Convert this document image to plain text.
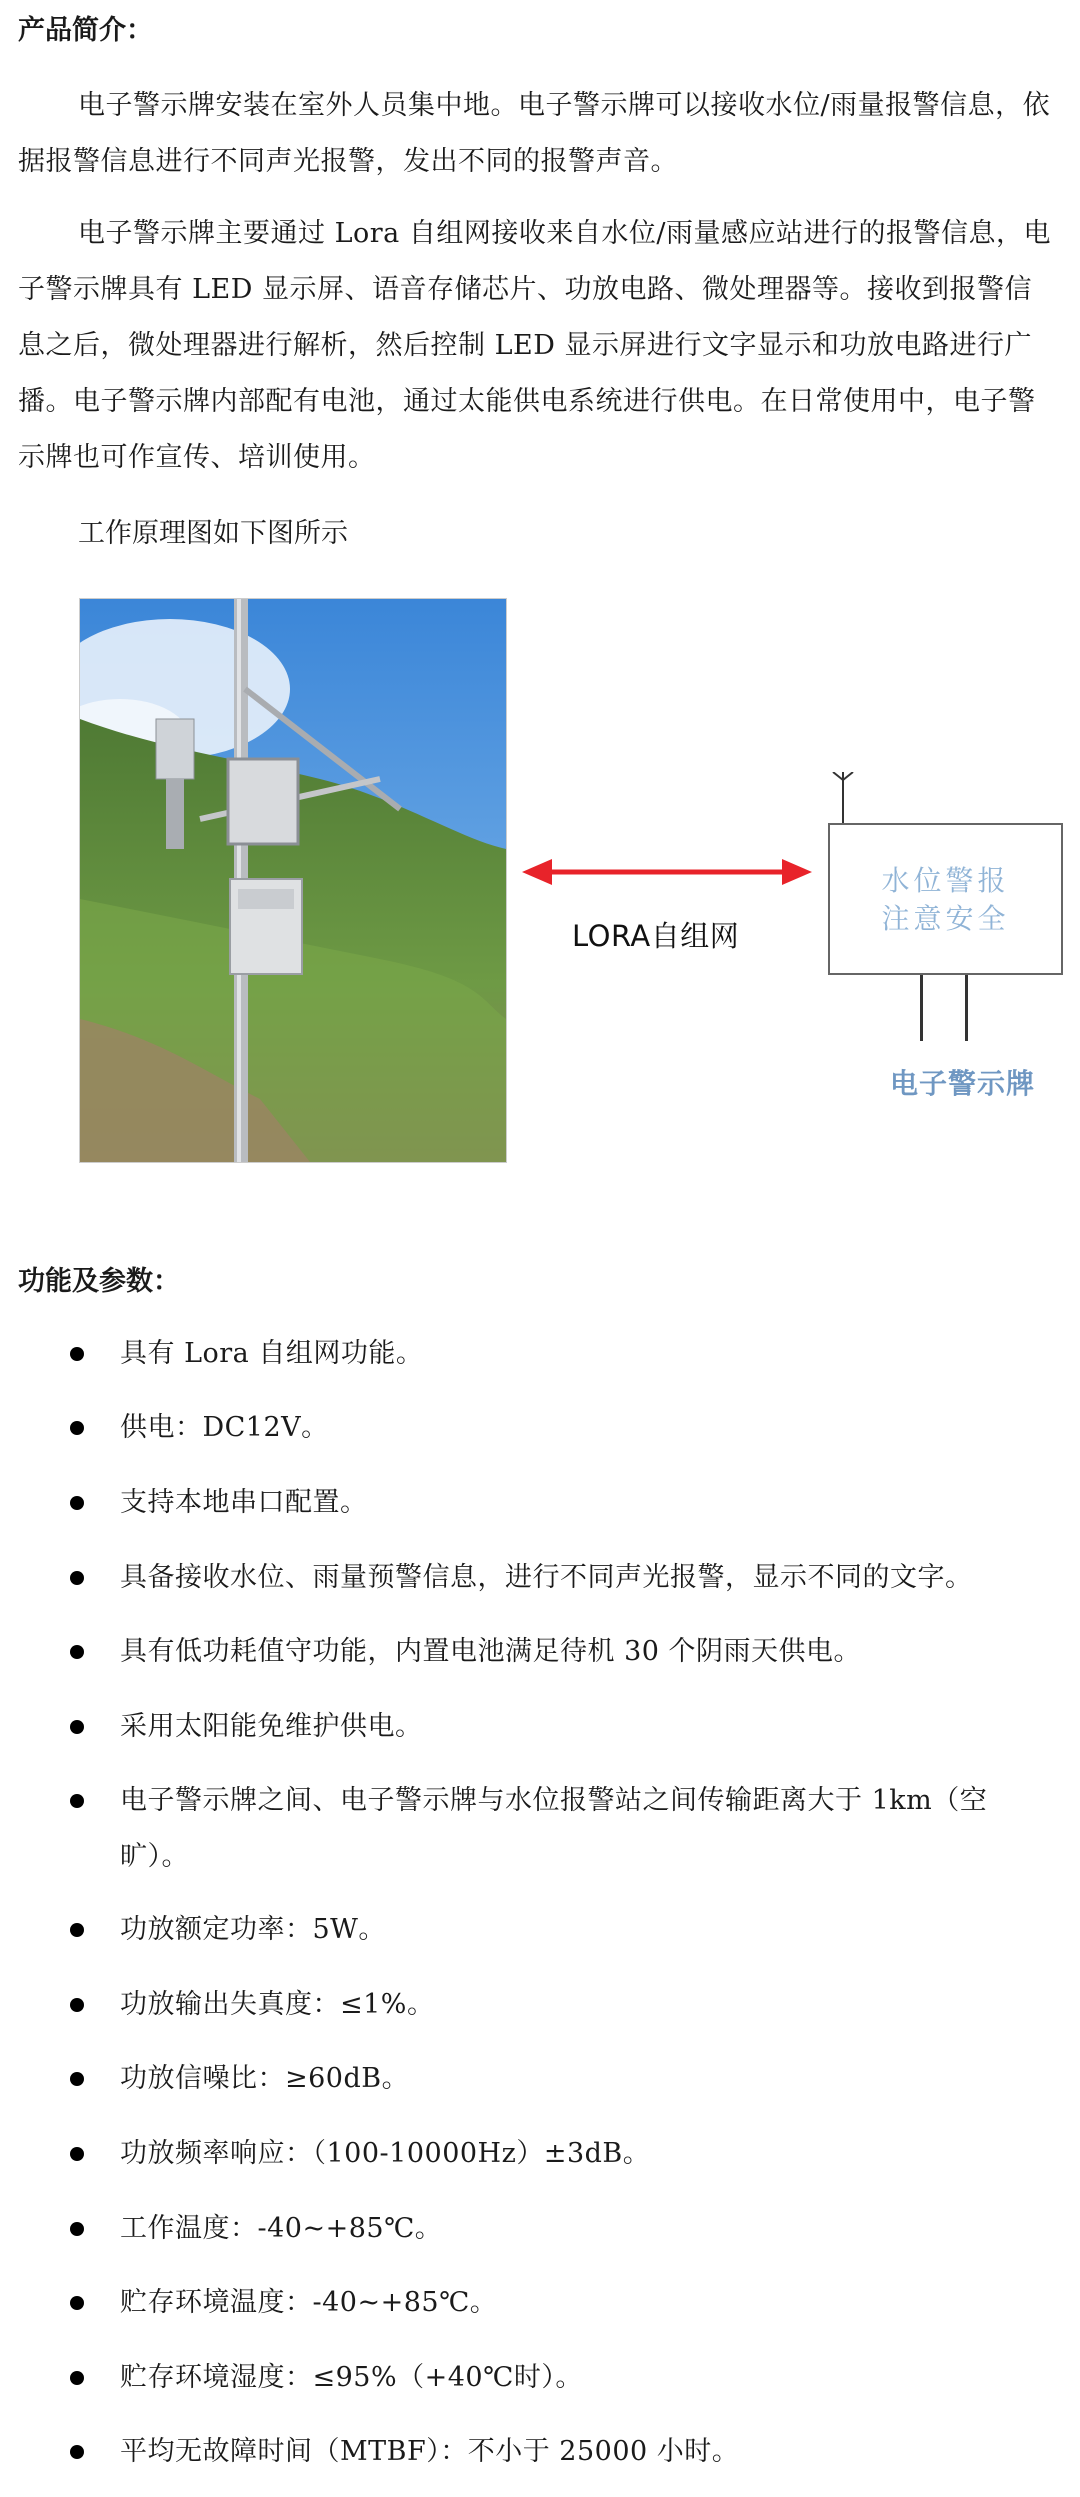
产品简介：

电子警示牌安装在室外人员集中地。电子警示牌可以接收水位/雨量报警信息，依据报警信息进行不同声光报警，发出不同的报警声音。

电子警示牌主要通过 Lora 自组网接收来自水位/雨量感应站进行的报警信息，电子警示牌具有 LED 显示屏、语音存储芯片、功放电路、微处理器等。接收到报警信息之后，微处理器进行解析，然后控制 LED 显示屏进行文字显示和功放电路进行广播。电子警示牌内部配有电池，通过太能供电系统进行供电。在日常使用中，电子警示牌也可作宣传、培训使用。

工作原理图如下图所示
LORA自组网
水位警报
注意安全
电子警示牌
功能及参数：
具有 Lora 自组网功能。
供电：DC12V。
支持本地串口配置。
具备接收水位、雨量预警信息，进行不同声光报警，显示不同的文字。
具有低功耗值守功能，内置电池满足待机 30 个阴雨天供电。
采用太阳能免维护供电。
电子警示牌之间、电子警示牌与水位报警站之间传输距离大于 1km（空旷）。
功放额定功率：5W。
功放输出失真度：≤1%。
功放信噪比：≥60dB。
功放频率响应：（100-10000Hz）±3dB。
工作温度：-40~+85℃。
贮存环境温度：-40~+85℃。
贮存环境湿度：≤95%（+40℃时）。
平均无故障时间（MTBF）：不小于 25000 小时。
